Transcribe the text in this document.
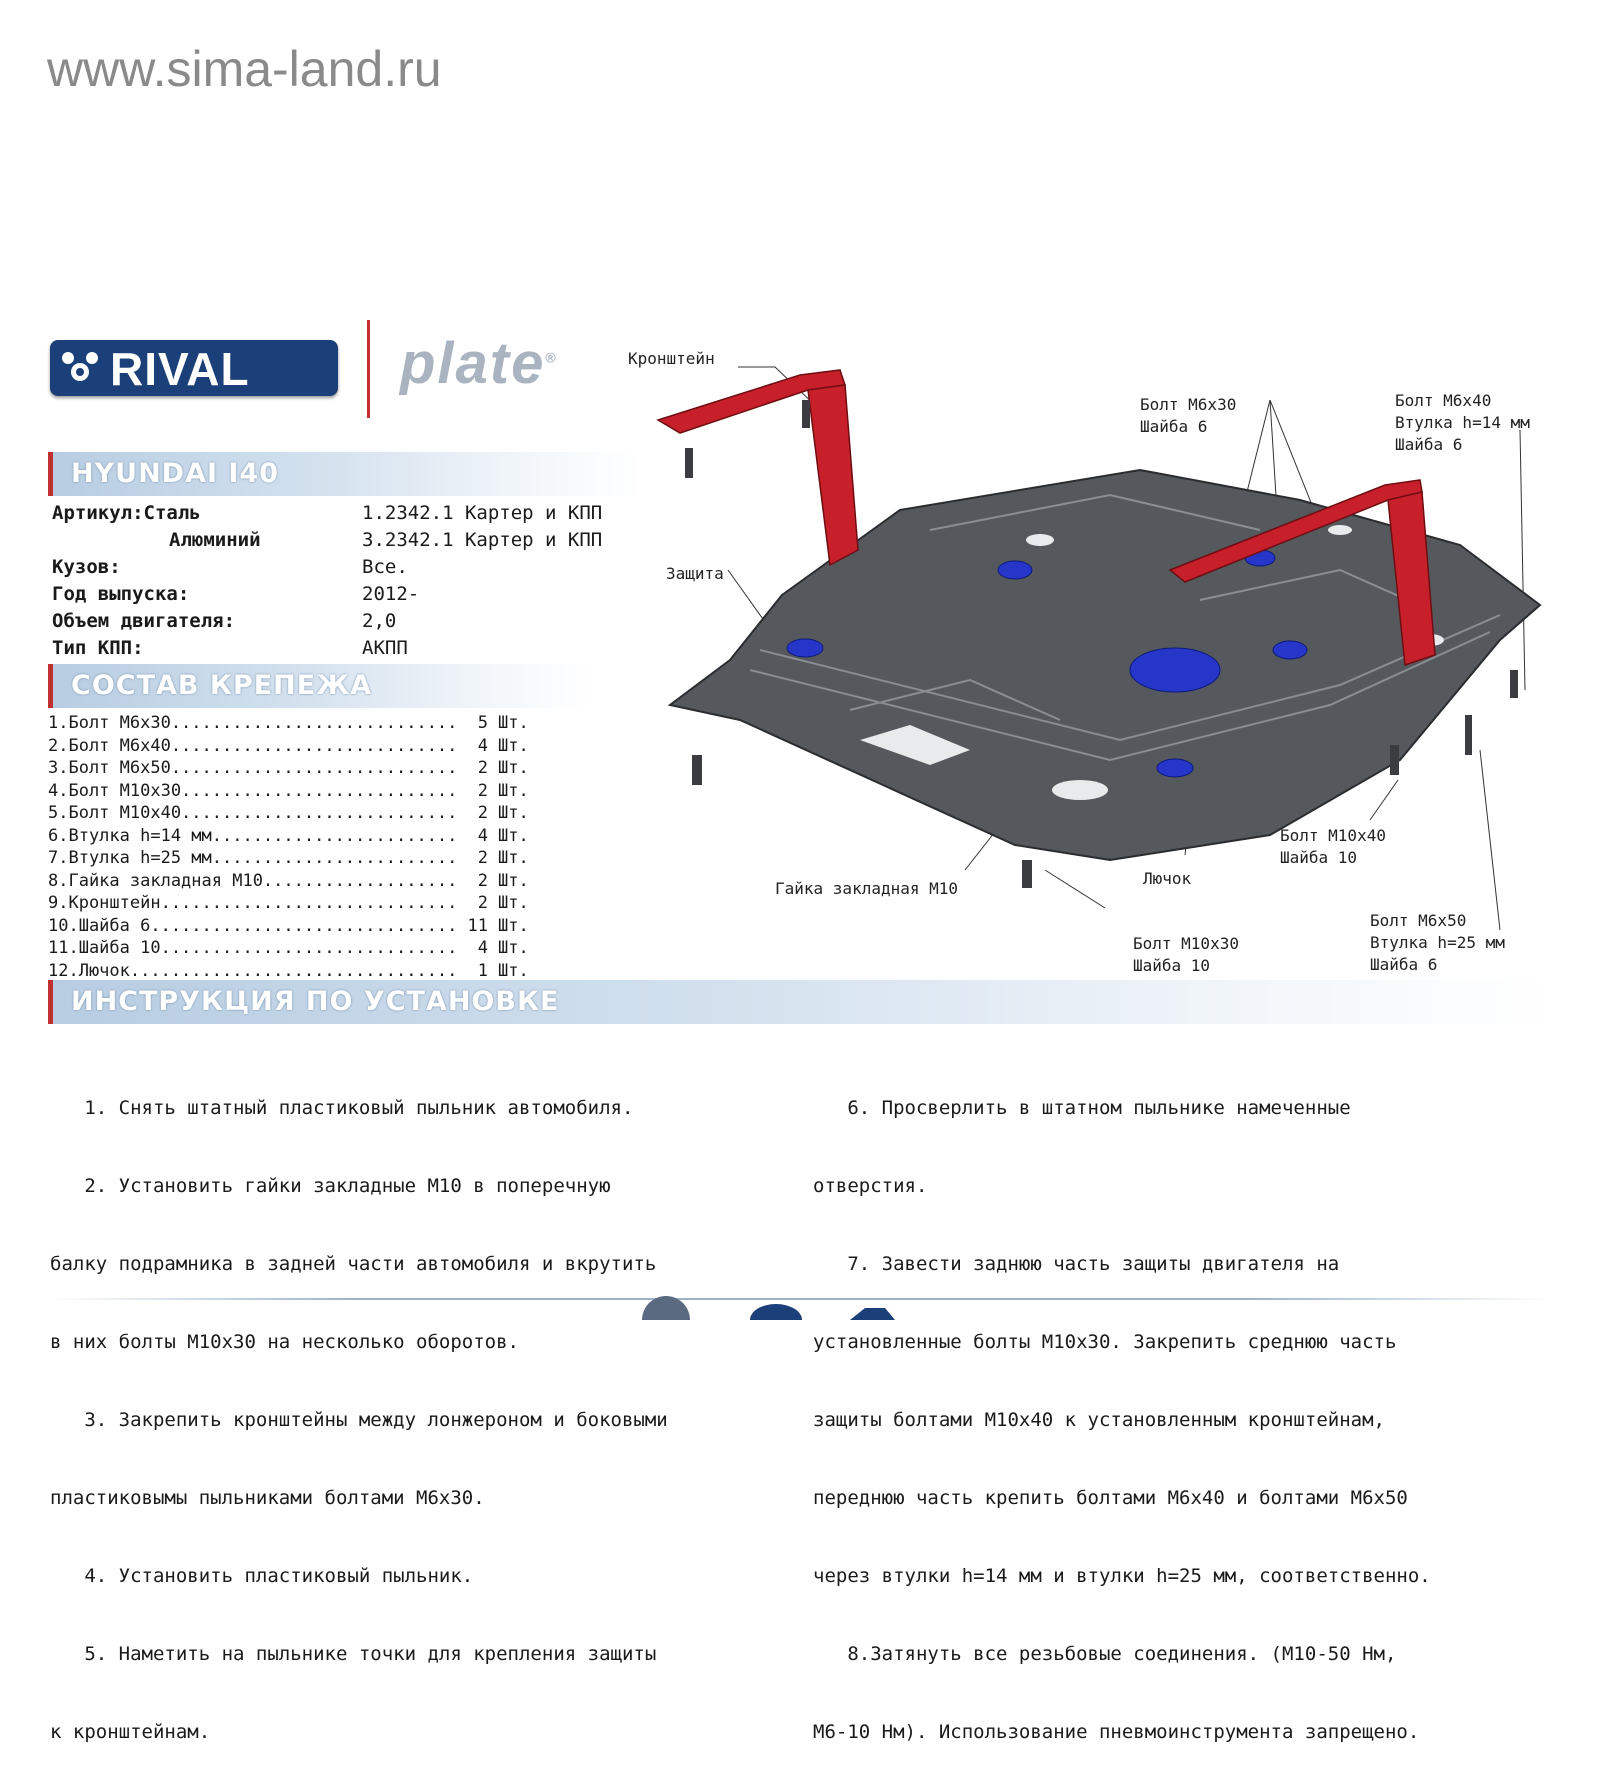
www.sima-land.ru
RIVAL	plate®
HYUNDAI I40
Артикул:Сталь	1.2342.1 Картер и КПП
Алюминий	3.2342.1 Картер и КПП
Кузов:	Все.
Год выпуска:	2012-
Объем двигателя:	2,0
Тип КПП:	АКПП
СОСТАВ КРЕПЕЖА
1.Болт М6х30............................	5 Шт.
2.Болт М6х40............................	4 Шт.
3.Болт М6х50............................	2 Шт.
4.Болт М10х30...........................	2 Шт.
5.Болт М10х40...........................	2 Шт.
6.Втулка h=14 мм........................	4 Шт.
7.Втулка h=25 мм........................	2 Шт.
8.Гайка закладная М10...................	2 Шт.
9.Кронштейн.............................	2 Шт.
10.Шайба 6.............................. 11 Шт.
11.Шайба 10.............................	4 Шт.
12.Лючок................................	1 Шт.
Кронштейн
Болт М6х30
Шайба 6
Болт М6х40
Втулка h=14 мм
Шайба 6
Защита
Болт М10х40
Шайба 10
Гайка закладная М10
Лючок
Болт М6х50
Втулка h=25 мм
Шайба 6
Болт М10х30
Шайба 10
ИНСТРУКЦИЯ ПО УСТАНОВКЕ

1. Снять штатный пластиковый пыльник автомобиля.

2. Установить гайки закладные М10 в поперечную

балку подрамника в задней части автомобиля и вкрутить

в них болты М10х30 на несколько оборотов.

3. Закрепить кронштейны между лонжероном и боковыми

пластиковымы пыльниками болтами М6х30.

4. Установить пластиковый пыльник.

5. Наметить на пыльнике точки для крепления защиты

к кронштейнам.

6. Просверлить в штатном пыльнике намеченные

отверстия.

7. Завести заднюю часть защиты двигателя на

установленные болты М10х30. Закрепить среднюю часть

защиты болтами М10х40 к установленным кронштейнам,

переднюю часть крепить болтами М6х40 и болтами М6х50

через втулки h=14 мм и втулки h=25 мм, соответственно.

8.Затянуть все резьбовые соединения. (М10-50 Нм,

М6-10 Нм). Использование пневмоинструмента запрещено.
